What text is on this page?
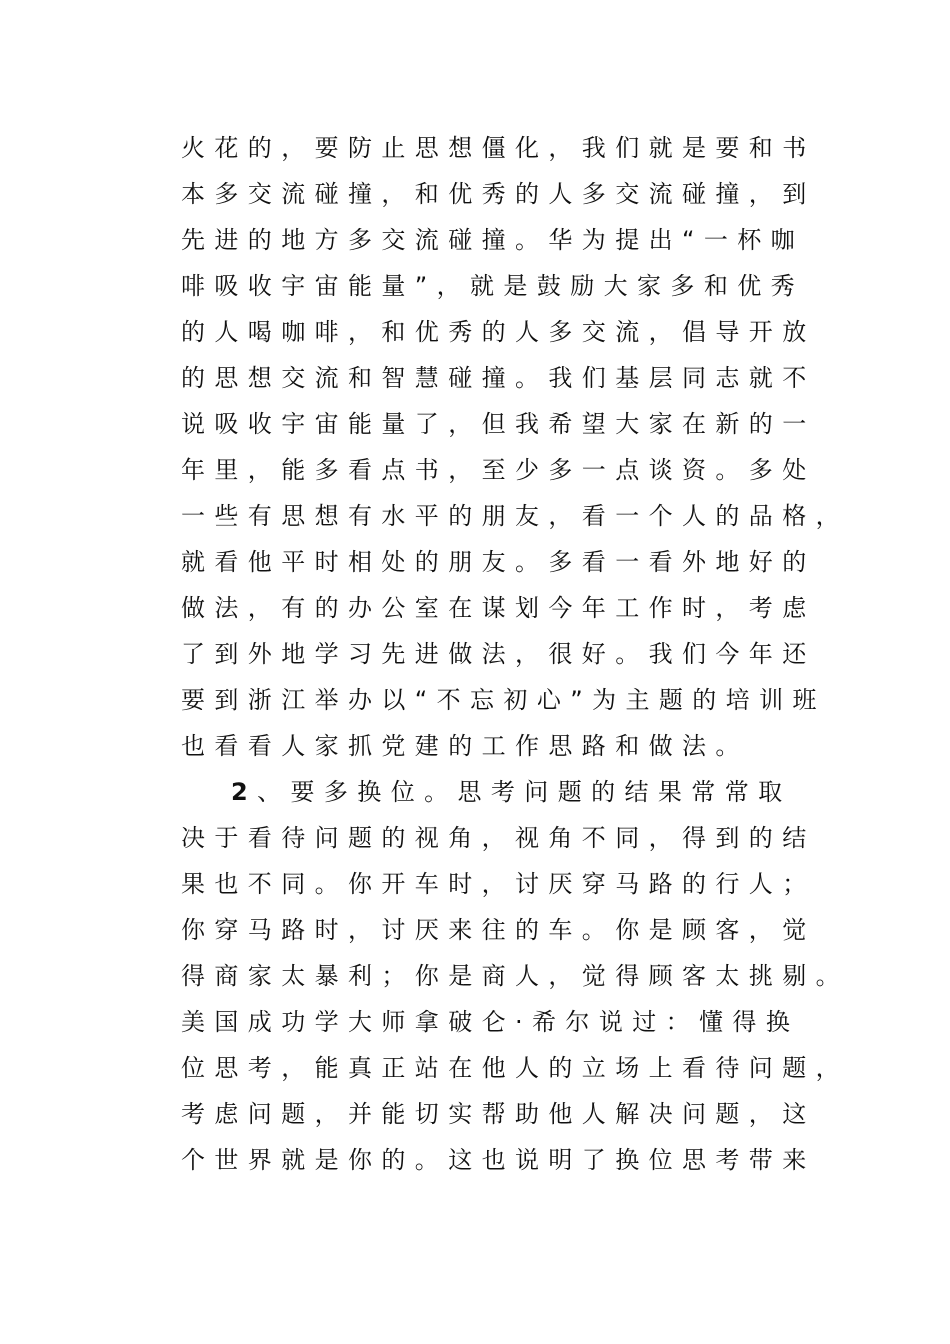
火花的，要防止思想僵化，我们就是要和书
本多交流碰撞，和优秀的人多交流碰撞，到
先进的地方多交流碰撞。华为提出“一杯咖
啡吸收宇宙能量”，就是鼓励大家多和优秀
的人喝咖啡，和优秀的人多交流，倡导开放
的思想交流和智慧碰撞。我们基层同志就不
说吸收宇宙能量了，但我希望大家在新的一
年里，能多看点书，至少多一点谈资。多处
一些有思想有水平的朋友，看一个人的品格，
就看他平时相处的朋友。多看一看外地好的
做法，有的办公室在谋划今年工作时，考虑
了到外地学习先进做法，很好。我们今年还
要到浙江举办以“不忘初心”为主题的培训班
也看看人家抓党建的工作思路和做法。
2、要多换位。思考问题的结果常常取
决于看待问题的视角，视角不同，得到的结
果也不同。你开车时，讨厌穿马路的行人；
你穿马路时，讨厌来往的车。你是顾客，觉
得商家太暴利；你是商人，觉得顾客太挑剔。
美国成功学大师拿破仑·希尔说过：懂得换
位思考，能真正站在他人的立场上看待问题，
考虑问题，并能切实帮助他人解决问题，这
个世界就是你的。这也说明了换位思考带来
